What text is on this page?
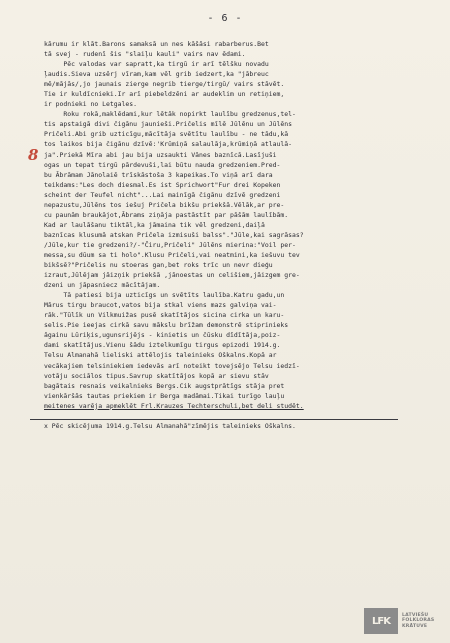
- 6 -
8
kārumu ir klāt.Barons samaksā un nes kāšāsi rabarberus.Bet
tā svej - rudenī šis "slaiļu kauli" vairs nav ēdami.
Pēc valodas var sapratt,ka tirgū ir arī tēlšku novadu
ļaudis.Sieva uzsērj vīram,kam vēl grib iedzert,ka "jābreuc
mē/mājās/,jo jaunais zierge negrib tierge/tirgū/ vairs stāvēt.
Tie ir kuldīcnieki.Ir arī piebeldzēni ar audeklim un retiņiem,
ir podnieki no Letgales.
Roku rokā,maklēdami,kur lētāk nopirkt laulību gredzenus,tel-
tis apstaigā divi čigānu jaunieši.Pričelis mīlē Jūlēnu un Jūlēns
Pričeli.Abi grib uzticīgu,mācītāja svētītu laulību - ne tādu,kā
tos laikos bija čigānu dzīvē:'Krūmiņā salaulāja,krūmiņā atlaulā-
ja".Priekā Mīra abi jau bija uzsaukti Vānes baznīcā.Lasījuši
ogas un tepat tirgū pārdevuši,lai būtu nauda gredzeniem.Pred-
bu Ābrāmam Jānolaiē trīskāstoša 3 kapeikas.To viņā arī dara
teikdams:"Les doch diesmal.Es ist Sprichwort"Fur drei Kopeken
scheint der Teufel nicht"...Lai mainīgā čigānu dzīvē gredzeni
nepazustu,Jūlēns tos iešuj Pričela bikšu priekšā.Vēlāk,ar pre-
cu paunām braukājot,Ābrams ziņāja pastāstīt par pāšām laulībām.
Kad ar laulāšanu tiktāl,ka jāmaina tik vēl gredzeni,daiļā
baznīcas klusumā atskan Pričela izmisuši balss"."Jūle,kai sagrāsas?
/Jūle,kur tie gredzeni?/-"Čiru,Pričeli" Jūlēns mierina:"Voil per-
messa,su dūum sa ti holo".Klusu Pričeli,vai neatmini,ka iešuvu tev
bikšsē?"Pričelis nu stoeras gan,bet roks trīc un nevr dieģu
izraut,Jūlējam jāizņik priekšā ,jānoestas un celišiem,jāizgem gre-
dzeni un jāpasniecz mācītājam.
Tā patiesi bija uzticīgs un svētīts laulība.Katru gadu,un
Mārus tirgu braucot,vatos bija stkal viens mazs galviņa vai-
rāk."Tūlīk un Vilkmuižas pusē skatītājos sicina cirka un karu-
selis.Pie ieejas cirkā savu mākslu brīžam demonstrē stiprinieks
āgainu Lūriķis,ugunsrijējs - kinietis un čūsku dīdītāja,poiz-
dami skatītājus.Vienu šādu iztelkumīgu tirgus epizodi 1914.g.
Telsu Almanahā lieliski attēlojis taleinieks Oškalns.Kopā ar
vecākajiem telsiniekiem iedevās arī noteikt tovejsējo Telsu iedzī-
votāju sociālos tipus.Savrup skatītājos kopā ar sievu stāv
bagātais resnais veikalnieks Bergs.Cik augstprātīgs stāja pret
vienkāršās tautas priekiem ir Berga madāmai.Tikai turīgo lauļu
meitenes varēja apmeklēt Frl.Krauzes Techterschuli,bet deli studēt.
x Pēc skicējuma 1914.g.Telsu Almanahā"zīmējis taleinieks Oškalns.
LFK
LATVIEŠU
FOLKLORAS
KRĀTUVE
